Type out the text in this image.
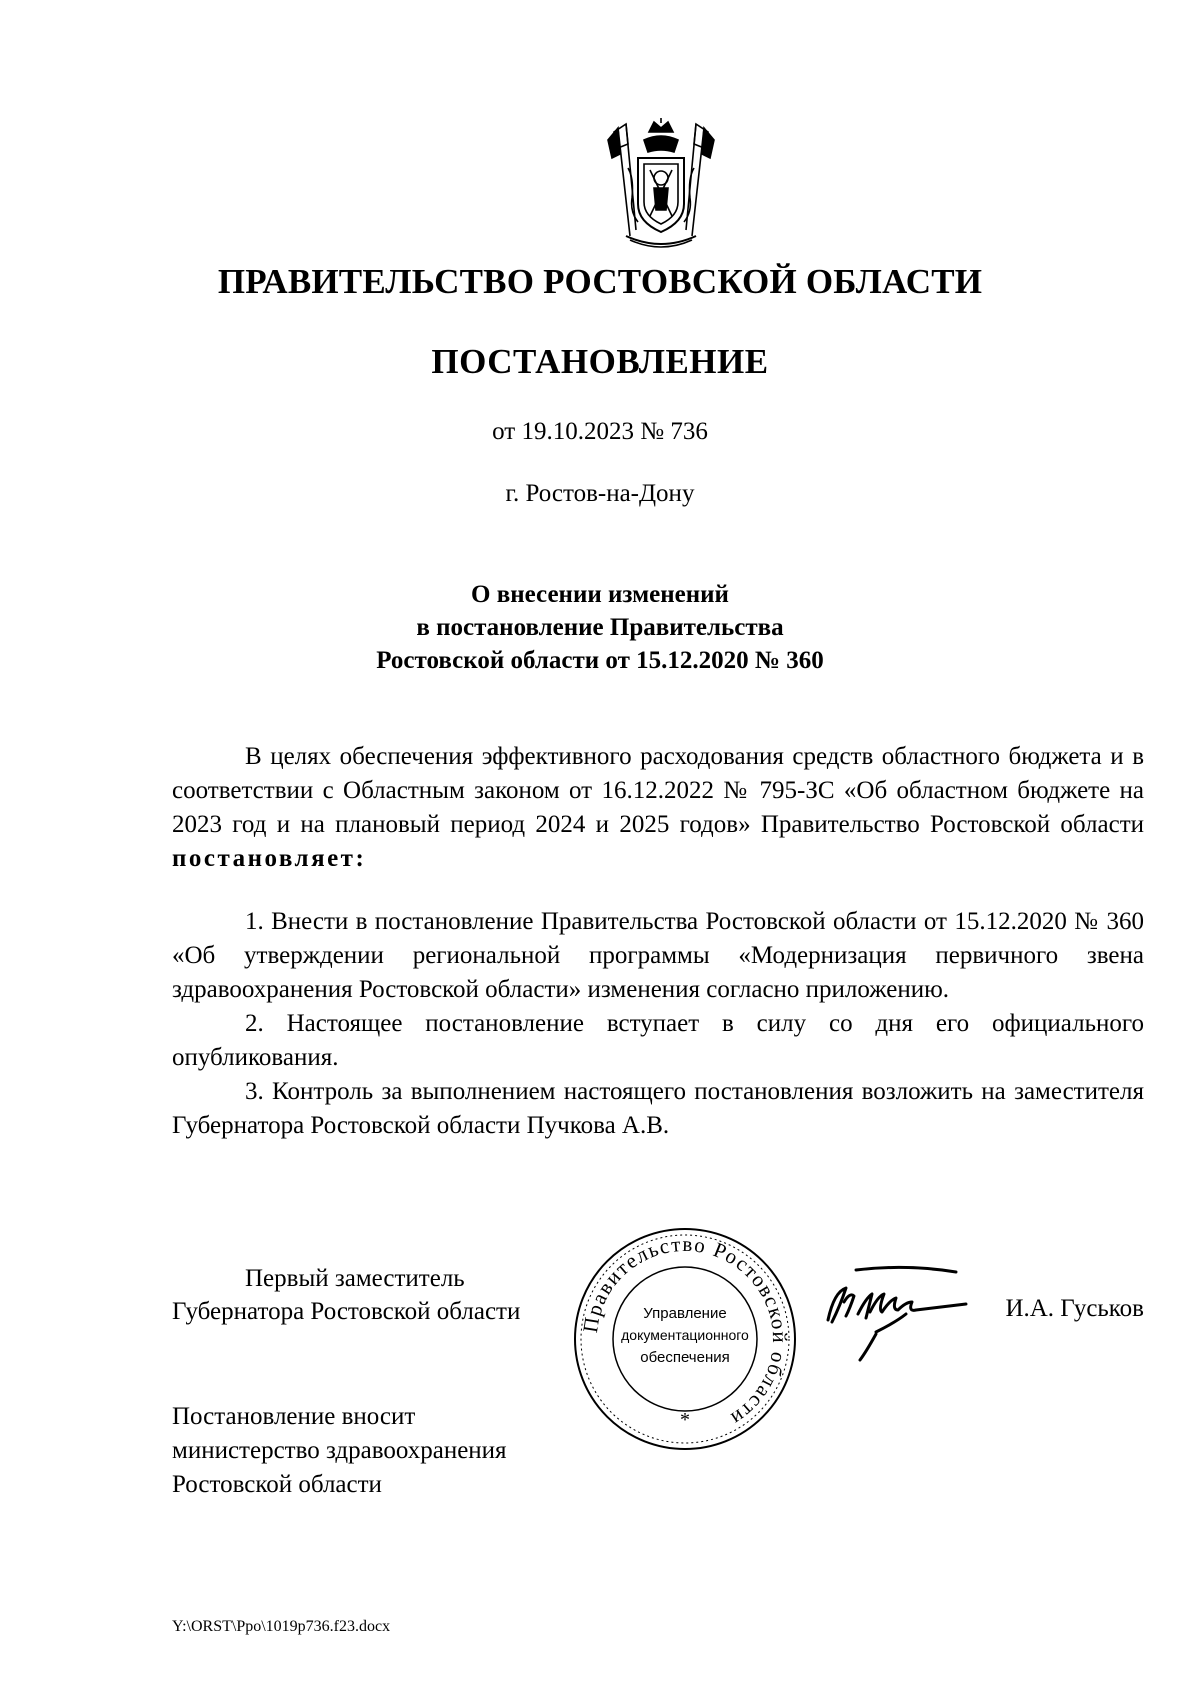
ПРАВИТЕЛЬСТВО РОСТОВСКОЙ ОБЛАСТИ
ПОСТАНОВЛЕНИЕ
от 19.10.2023 № 736
г. Ростов-на-Дону
О внесении изменений
в постановление Правительства
Ростовской области от 15.12.2020 № 360

В целях обеспечения эффективного расходования средств областного бюджета и в соответствии с Областным законом от 16.12.2022 № 795-ЗС «Об областном бюджете на 2023 год и на плановый период 2024 и 2025 годов» Правительство Ростовской области постановляет:

1. Внести в постановление Правительства Ростовской области от 15.12.2020 № 360 «Об утверждении региональной программы «Модернизация первичного звена здравоохранения Ростовской области» изменения согласно приложению.

2. Настоящее постановление вступает в силу со дня его официального опубликования.

3. Контроль за выполнением настоящего постановления возложить на заместителя Губернатора Ростовской области Пучкова А.В.

Первый заместитель
Губернатора Ростовской области	Правительство Ростовской области
Управление
документационного
обеспечения
*
И.А. Гуськов
Постановление вносит
министерство здравоохранения
Ростовской области
Y:\ORST\Ppo\1019p736.f23.docx
